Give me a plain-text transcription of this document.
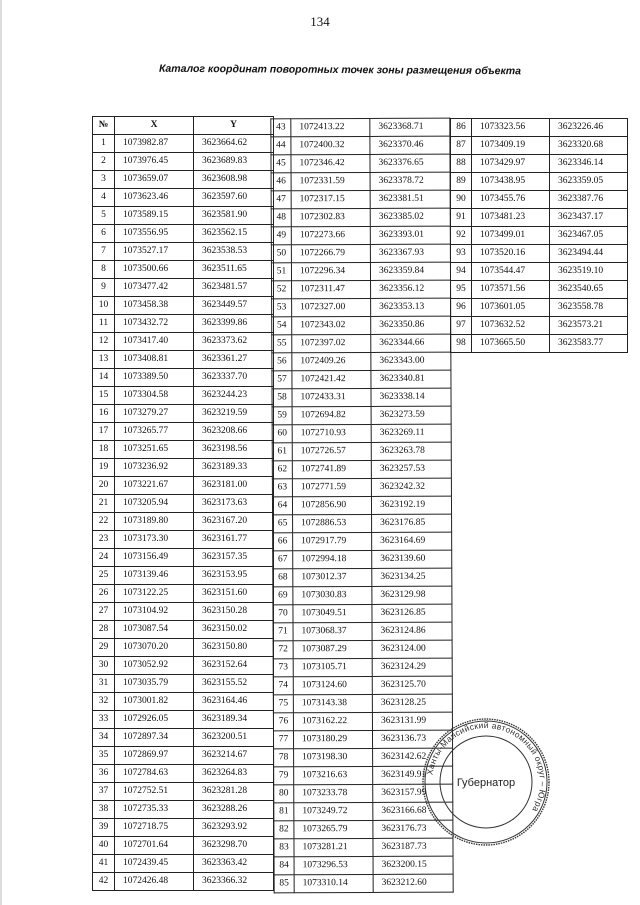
134
Каталог координат поворотных точек зоны размещения объекта
№	X	Y
1	1073982.87	3623664.62
2	1073976.45	3623689.83
3	1073659.07	3623608.98
4	1073623.46	3623597.60
5	1073589.15	3623581.90
6	1073556.95	3623562.15
7	1073527.17	3623538.53
8	1073500.66	3623511.65
9	1073477.42	3623481.57
10	1073458.38	3623449.57
11	1073432.72	3623399.86
12	1073417.40	3623373.62
13	1073408.81	3623361.27
14	1073389.50	3623337.70
15	1073304.58	3623244.23
16	1073279.27	3623219.59
17	1073265.77	3623208.66
18	1073251.65	3623198.56
19	1073236.92	3623189.33
20	1073221.67	3623181.00
21	1073205.94	3623173.63
22	1073189.80	3623167.20
23	1073173.30	3623161.77
24	1073156.49	3623157.35
25	1073139.46	3623153.95
26	1073122.25	3623151.60
27	1073104.92	3623150.28
28	1073087.54	3623150.02
29	1073070.20	3623150.80
30	1073052.92	3623152.64
31	1073035.79	3623155.52
32	1073001.82	3623164.46
33	1072926.05	3623189.34
34	1072897.34	3623200.51
35	1072869.97	3623214.67
36	1072784.63	3623264.83
37	1072752.51	3623281.28
38	1072735.33	3623288.26
39	1072718.75	3623293.92
40	1072701.64	3623298.70
41	1072439.45	3623363.42
42	1072426.48	3623366.32
43	1072413.22	3623368.71
44	1072400.32	3623370.46
45	1072346.42	3623376.65
46	1072331.59	3623378.72
47	1072317.15	3623381.51
48	1072302.83	3623385.02
49	1072273.66	3623393.01
50	1072266.79	3623367.93
51	1072296.34	3623359.84
52	1072311.47	3623356.12
53	1072327.00	3623353.13
54	1072343.02	3623350.86
55	1072397.02	3623344.66
56	1072409.26	3623343.00
57	1072421.42	3623340.81
58	1072433.31	3623338.14
59	1072694.82	3623273.59
60	1072710.93	3623269.11
61	1072726.57	3623263.78
62	1072741.89	3623257.53
63	1072771.59	3623242.32
64	1072856.90	3623192.19
65	1072886.53	3623176.85
66	1072917.79	3623164.69
67	1072994.18	3623139.60
68	1073012.37	3623134.25
69	1073030.83	3623129.98
70	1073049.51	3623126.85
71	1073068.37	3623124.86
72	1073087.29	3623124.00
73	1073105.71	3623124.29
74	1073124.60	3623125.70
75	1073143.38	3623128.25
76	1073162.22	3623131.99
77	1073180.29	3623136.73
78	1073198.30	3623142.62
79	1073216.63	3623149.91
80	1073233.78	3623157.99
81	1073249.72	3623166.68
82	1073265.79	3623176.73
83	1073281.21	3623187.73
84	1073296.53	3623200.15
85	1073310.14	3623212.60
86	1073323.56	3623226.46
87	1073409.19	3623320.68
88	1073429.97	3623346.14
89	1073438.95	3623359.05
90	1073455.76	3623387.76
91	1073481.23	3623437.17
92	1073499.01	3623467.05
93	1073520.16	3623494.44
94	1073544.47	3623519.10
95	1073571.56	3623540.65
96	1073601.05	3623558.78
97	1073632.52	3623573.21
98	1073665.50	3623583.77
Ханты-Мансийский автономный округ – Югра
Губернатор
